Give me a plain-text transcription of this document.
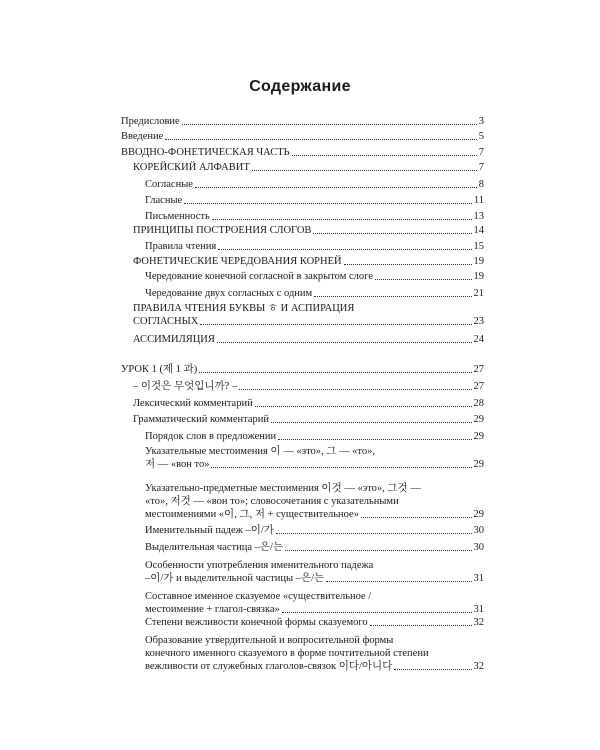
Содержание
Предисловие	3
Введение	5
ВВОДНО-ФОНЕТИЧЕСКАЯ ЧАСТЬ	7
КОРЕЙСКИЙ АЛФАВИТ	7
Согласные	8
Гласные	11
Письменность	13
ПРИНЦИПЫ ПОСТРОЕНИЯ СЛОГОВ	14
Правила чтения	15
ФОНЕТИЧЕСКИЕ ЧЕРЕДОВАНИЯ КОРНЕЙ	19
Чередование конечной согласной в закрытом слоге	19
Чередование двух согласных с одним	21
ПРАВИЛА ЧТЕНИЯ БУКВЫ ㅎ И АСПИРАЦИЯ
СОГЛАСНЫХ	23
АССИМИЛЯЦИЯ	24
УРОК 1 (제 1 과)	27
– 이것은 무엇입니까? –	27
Лексический комментарий	28
Грамматический комментарий	29
Порядок слов в предложении	29
Указательные местоимения 이 — «это», 그 — «то»,
저 — «вон то»	29
Указательно-предметные местоимения 이것 — «это», 그것 —
«то», 저것 — «вон то»; словосочетания с указательными
местоимениями «이, 그, 저 + существительное»	29
Именительный падеж –이/가	30
Выделительная частица –은/는	30
Особенности употребления именительного падежа
–이/가 и выделительной частицы –은/는	31
Составное именное сказуемое «существительное /
местоимение + глагол-связка»	31
Степени вежливости конечной формы сказуемого	32
Образование утвердительной и вопросительной формы
конечного именного сказуемого в форме почтительной степени
вежливости от служебных глаголов-связок 이다/아니다	32
